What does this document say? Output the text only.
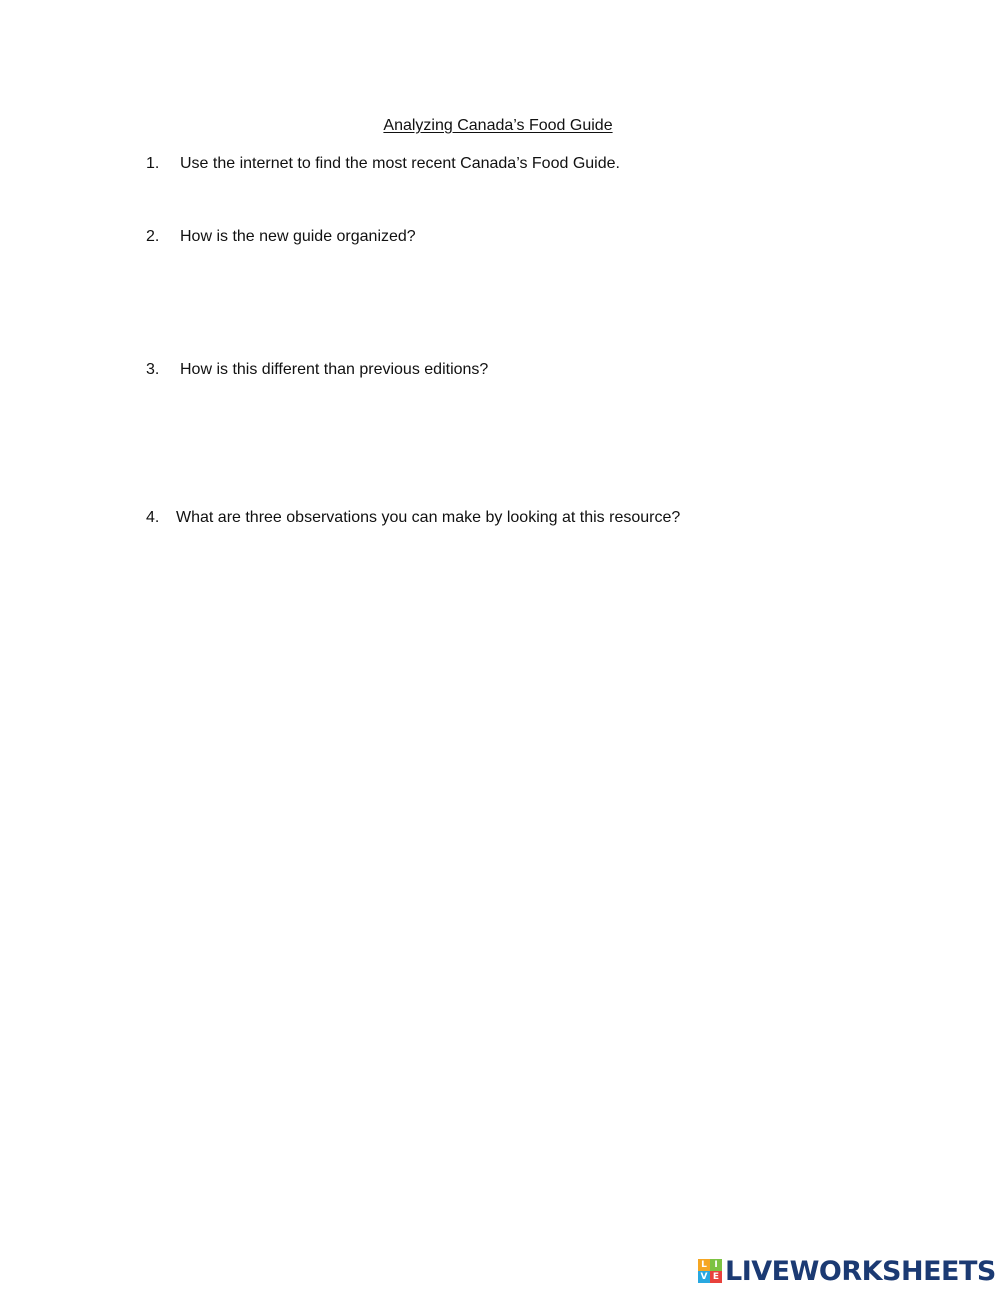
Analyzing Canada’s Food Guide
1. Use the internet to find the most recent Canada’s Food Guide.
2. How is the new guide organized?
3. How is this different than previous editions?
4. What are three observations you can make by looking at this resource?
L I
V E LIVEWORKSHEETS
